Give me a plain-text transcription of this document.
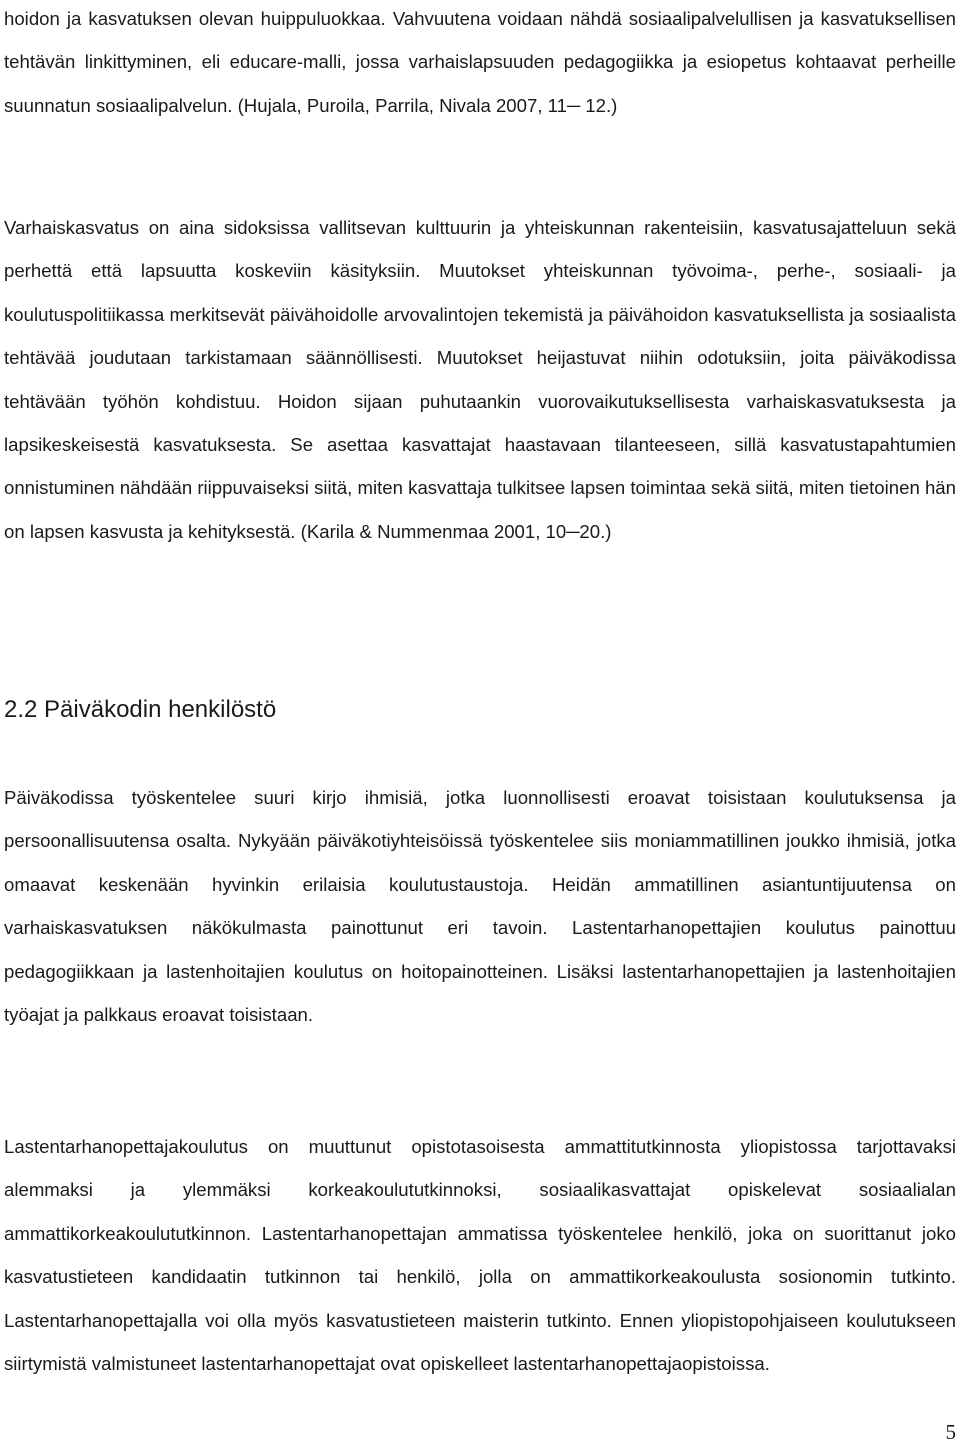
hoidon ja kasvatuksen olevan huippuluokkaa. Vahvuutena voidaan nähdä sosiaalipalvelullisen ja kasvatuksellisen tehtävän linkittyminen, eli educare-malli, jossa varhaislapsuuden pedagogiikka ja esiopetus kohtaavat perheille suunnatun sosiaalipalvelun. (Hujala, Puroila, Parrila, Nivala 2007, 11─ 12.)

Varhaiskasvatus on aina sidoksissa vallitsevan kulttuurin ja yhteiskunnan rakenteisiin, kasvatusajatteluun sekä perhettä että lapsuutta koskeviin käsityksiin. Muutokset yhteiskunnan työvoima-, perhe-, sosiaali- ja koulutuspolitiikassa merkitsevät päivähoidolle arvovalintojen tekemistä ja päivähoidon kasvatuksellista ja sosiaalista tehtävää joudutaan tarkistamaan säännöllisesti. Muutokset heijastuvat niihin odotuksiin, joita päiväkodissa tehtävään työhön kohdistuu. Hoidon sijaan puhutaankin vuorovaikutuksellisesta varhaiskasvatuksesta ja lapsikeskeisestä kasvatuksesta. Se asettaa kasvattajat haastavaan tilanteeseen, sillä kasvatustapahtumien onnistuminen nähdään riippuvaiseksi siitä, miten kasvattaja tulkitsee lapsen toimintaa sekä siitä, miten tietoinen hän on lapsen kasvusta ja kehityksestä. (Karila & Nummenmaa 2001, 10─20.)

2.2 Päiväkodin henkilöstö

Päiväkodissa työskentelee suuri kirjo ihmisiä, jotka luonnollisesti eroavat toisistaan koulutuksensa ja persoonallisuutensa osalta. Nykyään päiväkotiyhteisöissä työskentelee siis moniammatillinen joukko ihmisiä, jotka omaavat keskenään hyvinkin erilaisia koulutustaustoja. Heidän ammatillinen asiantuntijuutensa on varhaiskasvatuksen näkökulmasta painottunut eri tavoin. Lastentarhanopettajien koulutus painottuu pedagogiikkaan ja lastenhoitajien koulutus on hoitopainotteinen. Lisäksi lastentarhanopettajien ja lastenhoitajien työajat ja palkkaus eroavat toisistaan.

Lastentarhanopettajakoulutus on muuttunut opistotasoisesta ammattitutkinnosta yliopistossa tarjottavaksi alemmaksi ja ylemmäksi korkeakoulututkinnoksi, sosiaalikasvattajat opiskelevat sosiaalialan ammattikorkeakoulututkinnon. Lastentarhanopettajan ammatissa työskentelee henkilö, joka on suorittanut joko kasvatustieteen kandidaatin tutkinnon tai henkilö, jolla on ammattikorkeakoulusta sosionomin tutkinto. Lastentarhanopettajalla voi olla myös kasvatustieteen maisterin tutkinto. Ennen yliopistopohjaiseen koulutukseen siirtymistä valmistuneet lastentarhanopettajat ovat opiskelleet lastentarhanopettajaopistoissa.

5
